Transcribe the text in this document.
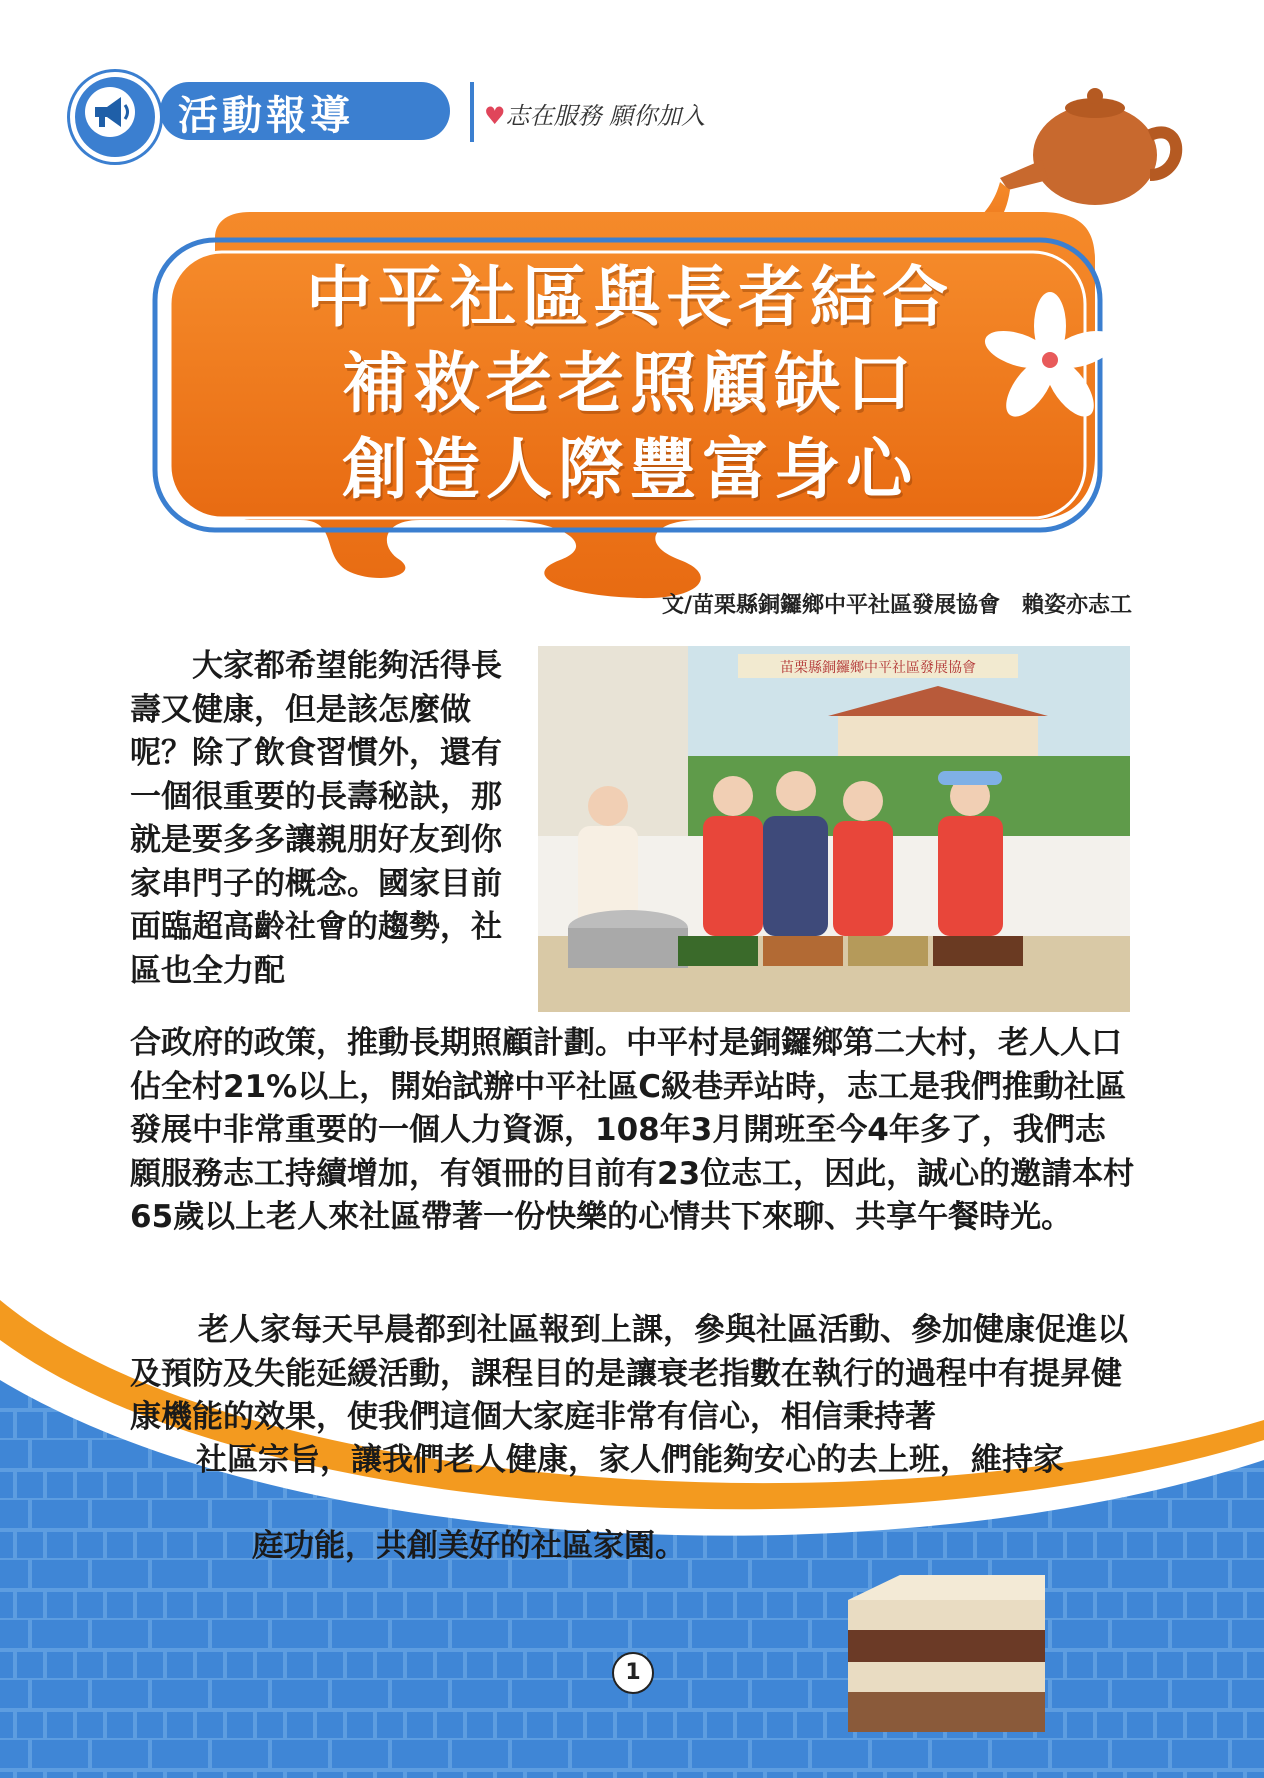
活動報導	♥志在服務 願你加入
中平社區與長者結合
補救老老照顧缺口
創造人際豐富身心
文/苗栗縣銅鑼鄉中平社區發展協會　賴姿亦志工
苗栗縣銅鑼鄉中平社區發展協會
大家都希望能夠活得長壽又健康，但是該怎麼做呢？除了飲食習慣外，還有一個很重要的長壽秘訣，那就是要多多讓親朋好友到你家串門子的概念。國家目前面臨超高齡社會的趨勢，社區也全力配
合政府的政策，推動長期照顧計劃。中平村是銅鑼鄉第二大村，老人人口佔全村21%以上，開始試辦中平社區C級巷弄站時，志工是我們推動社區發展中非常重要的一個人力資源，108年3月開班至今4年多了，我們志願服務志工持續增加，有領冊的目前有23位志工，因此，誠心的邀請本村65歲以上老人來社區帶著一份快樂的心情共下來聊、共享午餐時光。
老人家每天早晨都到社區報到上課，參與社區活動、參加健康促進以及預防及失能延緩活動，課程目的是讓衰老指數在執行的過程中有提昇健康機能的效果，使我們這個大家庭非常有信心，相信秉持著
社區宗旨，讓我們老人健康，家人們能夠安心的去上班，維持家
庭功能，共創美好的社區家園。
1
